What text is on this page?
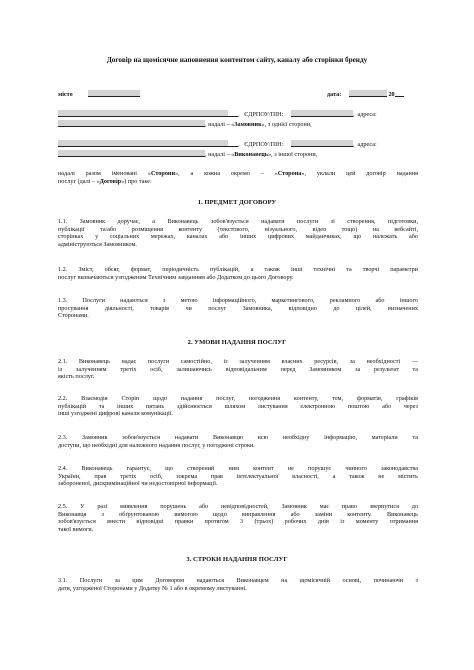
Договір на щомісячне наповнення контентом сайту, каналу або сторінки бренду
місто	дата:	20
,   ЄДРПОУ/ПІН:	,  адреса:
, надалі – «Замовник», з однієї сторони,
,   ЄДРПОУ/ПІН:	,  адреса:
, надалі – «Виконавець», з іншої сторони,
надалі разом іменовані «Сторони», а кожна окремо – «Сторона», уклали цей договір надання
послуг (далі – «Договір») про таке:
1. ПРЕДМЕТ ДОГОВОРУ
1.1. Замовник доручає, а Виконавець зобов'язується надавати послуги зі створення, підготовки,
публікації та/або розміщення контенту (текстового, візуального, відео тощо) на вебсайті,
сторінках у соціальних мережах, каналах або інших цифрових майданчиках, що належать або
адмініструються Замовником.
1.2. Зміст, обсяг, формат, періодичність публікацій, а також інші технічні та творчі параметри
послуг визначаються узгодженим Технічним завданням або Додатком до цього Договору.
1.3. Послуги надаються з метою інформаційного, маркетингового, рекламного або іншого
просування діяльності, товарів чи послуг Замовника, відповідно до цілей, визначених
Сторонами.
2. УМОВИ НАДАННЯ ПОСЛУГ
2.1. Виконавець надає послуги самостійно, із залученням власних ресурсів, за необхідності —
із залученням третіх осіб, залишаючись відповідальним перед Замовником за результат та
якість послуг.
2.2. Взаємодія Сторін щодо надання послуг, погодження контенту, тем, форматів, графіків
публікацій та інших питань здійснюється шляхом листування електронною поштою або через
інші узгоджені цифрові канали комунікації.
2.3. Замовник зобов'язується надавати Виконавцю всю необхідну інформацію, матеріали та
доступи, що необхідні для належного надання послуг, у погоджені строки.
2.4. Виконавець гарантує, що створений ним контент не порушує чинного законодавства
України, прав третіх осіб, зокрема прав інтелектуальної власності, а також не містить
забороненої, дискримінаційної чи недостовірної інформації.
2.5. У разі виявлення порушень або невідповідностей, Замовник має право звернутися до
Виконавця з обґрунтованою вимогою щодо виправлення або заміни контенту. Виконавець
зобов'язується внести відповідні правки протягом 3 (трьох) робочих днів із моменту отримання
такої вимоги.
3. СТРОКИ НАДАННЯ ПОСЛУГ
3.1. Послуги за цим Договором надаються Виконавцем на щомісячній основі, починаючи з
дати, узгодженої Сторонами у Додатку № 1 або в окремому листуванні.
